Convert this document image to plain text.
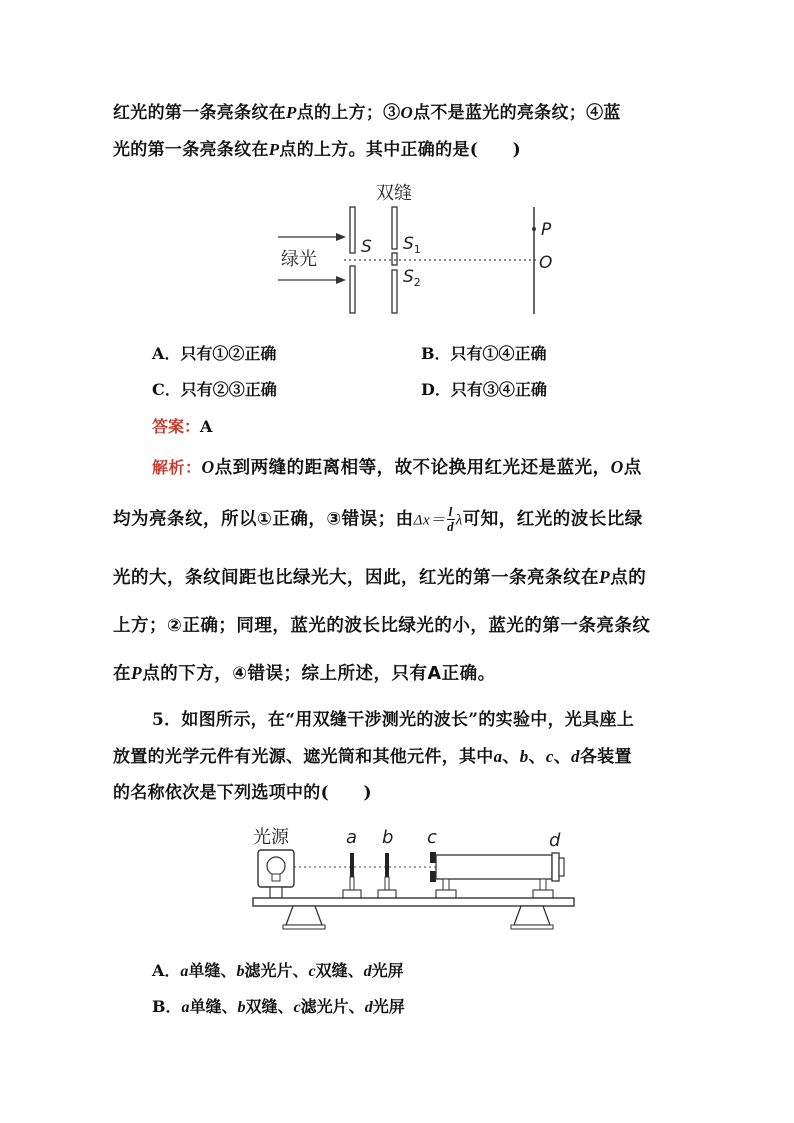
红光的第一条亮条纹在P点的上方；③O点不是蓝光的亮条纹；④蓝
光的第一条亮条纹在P点的上方。其中正确的是(　　)
双缝
绿光
S $S_1$
$S_2$
P
O
A．只有①②正确	B．只有①④正确
C．只有②③正确	D．只有③④正确
答案：A
解析：O点到两缝的距离相等，故不论换用红光还是蓝光，O点
均为亮条纹，所以①正确，③错误；由$\Delta x= \frac{l}{d}$ λ可知，红光的波长比绿
光的大，条纹间距也比绿光大，因此，红光的第一条亮条纹在P点的
上方；②正确；同理，蓝光的波长比绿光的小，蓝光的第一条亮条纹
在P点的下方，④错误；综上所述，只有A正确。
5．如图所示，在“用双缝干涉测光的波长”的实验中，光具座上
放置的光学元件有光源、遮光筒和其他元件，其中a、b、c、d各装置
的名称依次是下列选项中的(　　)
光源	a b c	d
A．a单缝、b滤光片、c双缝、d光屏
B．a单缝、b双缝、c滤光片、d光屏
